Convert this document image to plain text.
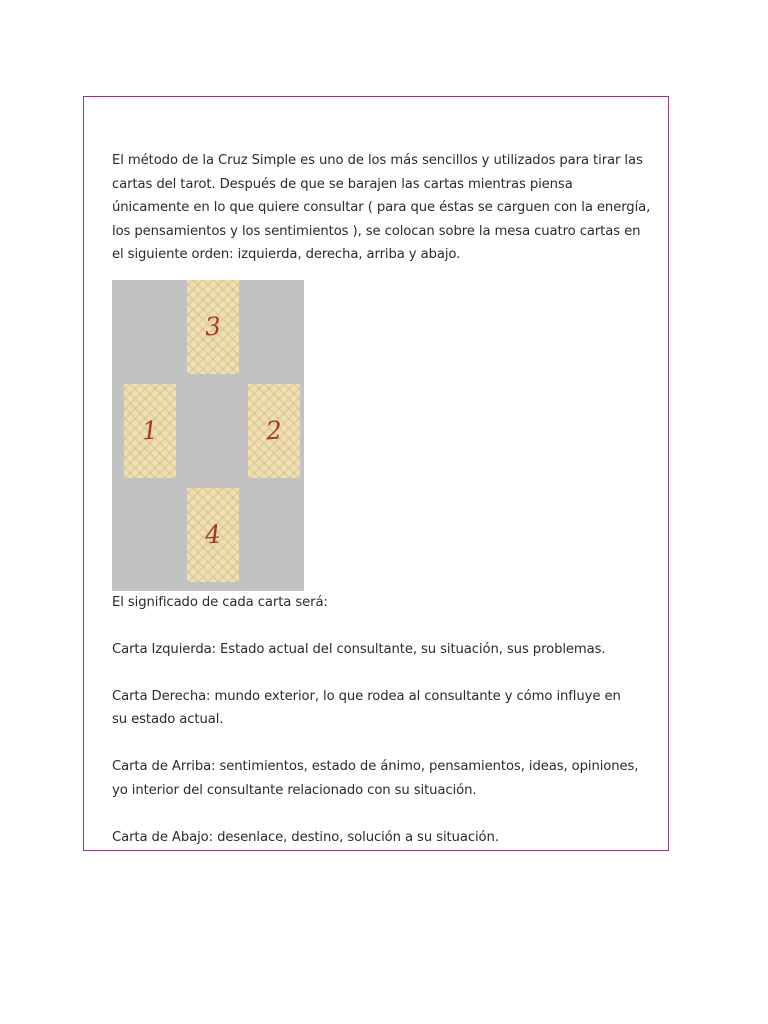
El método de la Cruz Simple es uno de los más sencillos y utilizados para tirar las cartas del tarot. Después de que se barajen las cartas mientras piensa únicamente en lo que quiere consultar ( para que éstas se carguen con la energía, los pensamientos y los sentimientos ), se colocan sobre la mesa cuatro cartas en el siguiente orden: izquierda, derecha, arriba y abajo.

3
1	2
4

El significado de cada carta será:

Carta Izquierda: Estado actual del consultante, su situación, sus problemas.

Carta Derecha: mundo exterior, lo que rodea al consultante y cómo influye en
su estado actual.

Carta de Arriba: sentimientos, estado de ánimo, pensamientos, ideas, opiniones,
yo interior del consultante relacionado con su situación.

Carta de Abajo: desenlace, destino, solución a su situación.
